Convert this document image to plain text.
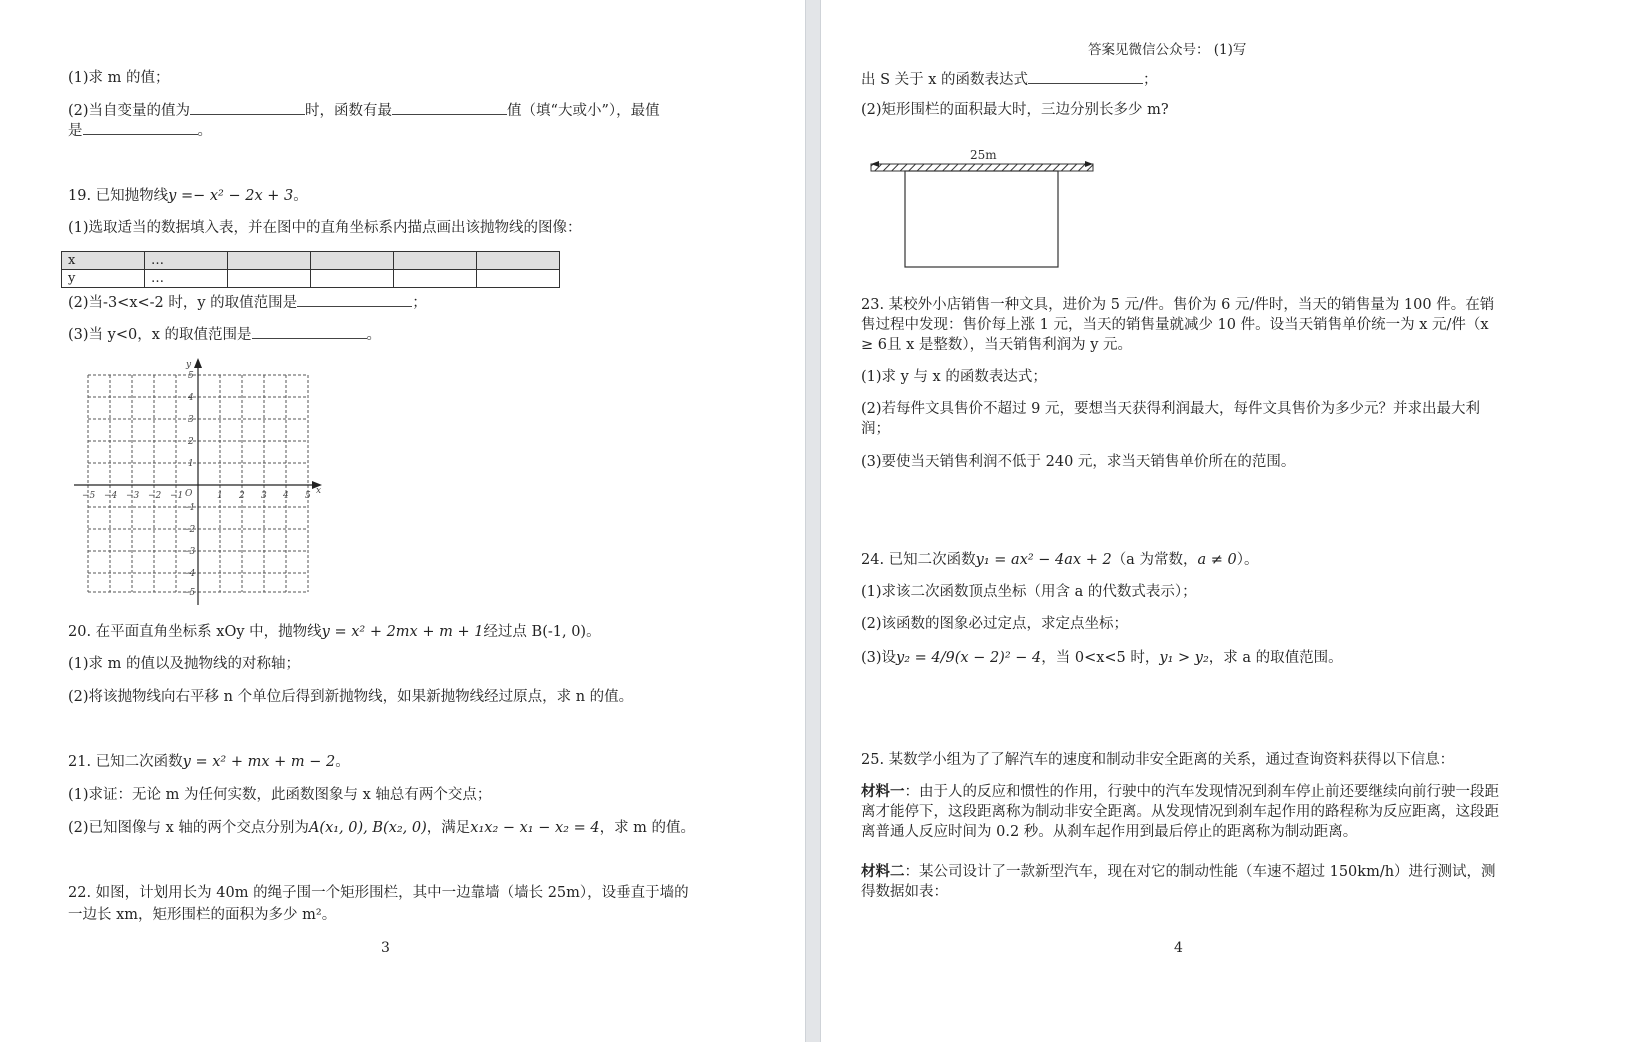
(1)求 m 的值；
(2)当自变量的值为	时，函数有最	值（填“大或小”），最值
是	。
19. 已知抛物线y =− x² − 2x + 3。
(1)选取适当的数据填入表，并在图中的直角坐标系内描点画出该抛物线的图像：
x	…				
y	…				
(2)当-3<x<-2 时，y 的取值范围是	；
(3)当 y<0，x 的取值范围是	。
y
x
O
−5 −4 −3 −2 −1	1 2 3 4 5
5
4
3
2
1
−1
−2
−3
−4
−5
20. 在平面直角坐标系 xOy 中，抛物线y = x² + 2mx + m + 1经过点 B(-1, 0)。
(1)求 m 的值以及抛物线的对称轴；
(2)将该抛物线向右平移 n 个单位后得到新抛物线，如果新抛物线经过原点，求 n 的值。
21. 已知二次函数y = x² + mx + m − 2。
(1)求证：无论 m 为任何实数，此函数图象与 x 轴总有两个交点；
(2)已知图像与 x 轴的两个交点分别为A(x₁, 0), B(x₂, 0)，满足x₁x₂ − x₁ − x₂ = 4，求 m 的值。
22. 如图，计划用长为 40m 的绳子围一个矩形围栏，其中一边靠墙（墙长 25m），设垂直于墙的
一边长 xm，矩形围栏的面积为多少 m²。
3
答案见微信公众号： (1)写
出 S 关于 x 的函数表达式	；
(2)矩形围栏的面积最大时，三边分别长多少 m?
25m
23. 某校外小店销售一种文具，进价为 5 元/件。售价为 6 元/件时，当天的销售量为 100 件。在销售过程中发现：售价每上涨 1 元，当天的销售量就减少 10 件。设当天销售单价统一为 x 元/件（x ≥ 6且 x 是整数），当天销售利润为 y 元。
(1)求 y 与 x 的函数表达式；
(2)若每件文具售价不超过 9 元，要想当天获得利润最大，每件文具售价为多少元？并求出最大利润；
(3)要使当天销售利润不低于 240 元，求当天销售单价所在的范围。
24. 已知二次函数y₁ = ax² − 4ax + 2（a 为常数，a ≠ 0）。
(1)求该二次函数顶点坐标（用含 a 的代数式表示）；
(2)该函数的图象必过定点，求定点坐标；
(3)设y₂ = 4/9(x − 2)² − 4，当 0<x<5 时，y₁ > y₂，求 a 的取值范围。
25. 某数学小组为了了解汽车的速度和制动非安全距离的关系，通过查询资料获得以下信息：
材料一：由于人的反应和惯性的作用，行驶中的汽车发现情况到刹车停止前还要继续向前行驶一段距离才能停下，这段距离称为制动非安全距离。从发现情况到刹车起作用的路程称为反应距离，这段距离普通人反应时间为 0.2 秒。从刹车起作用到最后停止的距离称为制动距离。
材料二：某公司设计了一款新型汽车，现在对它的制动性能（车速不超过 150km/h）进行测试，测得数据如表：
4
